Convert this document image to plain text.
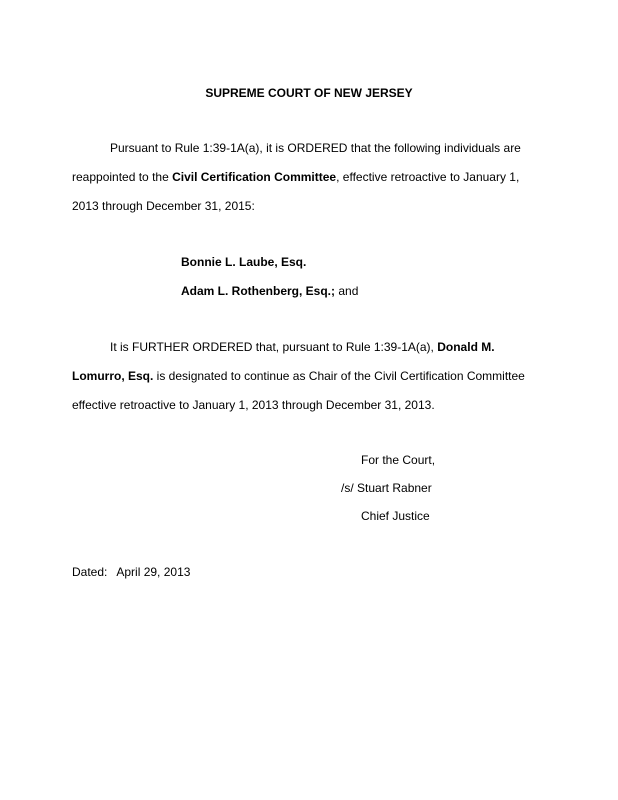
SUPREME COURT OF NEW JERSEY
Pursuant to Rule 1:39-1A(a), it is ORDERED that the following individuals are
reappointed to the Civil Certification Committee, effective retroactive to January 1,
2013 through December 31, 2015:
Bonnie L. Laube, Esq.
Adam L. Rothenberg, Esq.; and
It is FURTHER ORDERED that, pursuant to Rule 1:39-1A(a), Donald M.
Lomurro, Esq. is designated to continue as Chair of the Civil Certification Committee
effective retroactive to January 1, 2013 through December 31, 2013.
For the Court,
/s/ Stuart Rabner
Chief Justice
Dated: April 29, 2013
